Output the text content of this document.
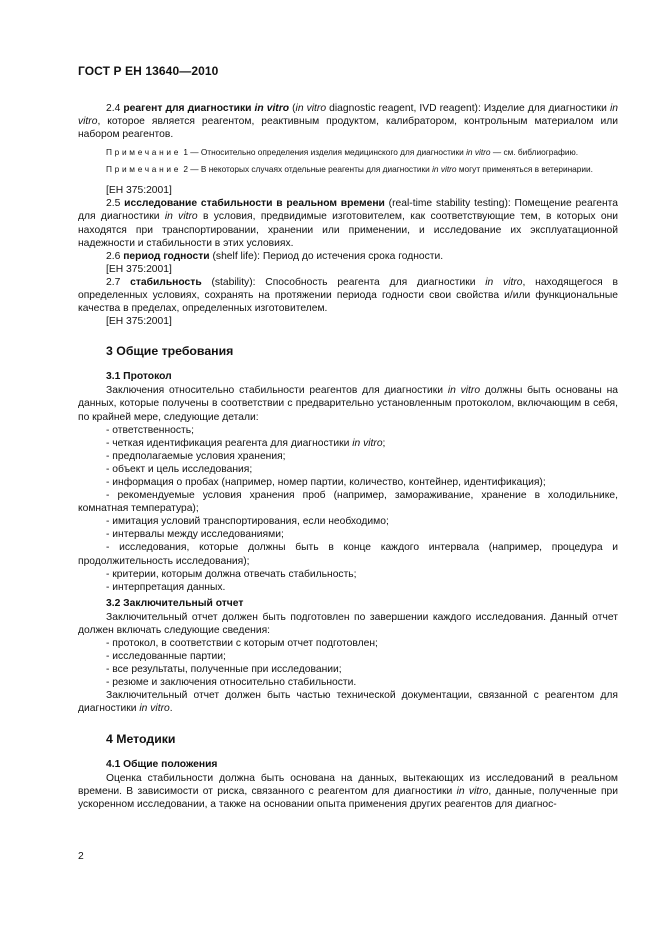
ГОСТ Р ЕН 13640—2010

2.4 реагент для диагностики in vitro (in vitro diagnostic reagent, IVD reagent): Изделие для диагностики in vitro, которое является реагентом, реактивным продуктом, калибратором, контрольным материалом или набором реагентов.

Примечание 1 — Относительно определения изделия медицинского для диагностики in vitro — см. библиографию.

Примечание 2 — В некоторых случаях отдельные реагенты для диагностики in vitro могут применяться в ветеринарии.

[ЕН 375:2001]

2.5 исследование стабильности в реальном времени (real-time stability testing): Помещение реагента для диагностики in vitro в условия, предвидимые изготовителем, как соответствующие тем, в которых они находятся при транспортировании, хранении или применении, и исследование их эксплуатационной надежности и стабильности в этих условиях.

2.6 период годности (shelf life): Период до истечения срока годности.

[ЕН 375:2001]

2.7 стабильность (stability): Способность реагента для диагностики in vitro, находящегося в определенных условиях, сохранять на протяжении периода годности свои свойства и/или функциональные качества в пределах, определенных изготовителем.

[ЕН 375:2001]

3 Общие требования
3.1 Протокол

Заключения относительно стабильности реагентов для диагностики in vitro должны быть основаны на данных, которые получены в соответствии с предварительно установленным протоколом, включающим в себя, по крайней мере, следующие детали:

- ответственность;

- четкая идентификация реагента для диагностики in vitro;

- предполагаемые условия хранения;

- объект и цель исследования;

- информация о пробах (например, номер партии, количество, контейнер, идентификация);

- рекомендуемые условия хранения проб (например, замораживание, хранение в холодильнике, комнатная температура);

- имитация условий транспортирования, если необходимо;

- интервалы между исследованиями;

- исследования, которые должны быть в конце каждого интервала (например, процедура и продолжительность исследования);

- критерии, которым должна отвечать стабильность;

- интерпретация данных.

3.2 Заключительный отчет

Заключительный отчет должен быть подготовлен по завершении каждого исследования. Данный отчет должен включать следующие сведения:

- протокол, в соответствии с которым отчет подготовлен;

- исследованные партии;

- все результаты, полученные при исследовании;

- резюме и заключения относительно стабильности.

Заключительный отчет должен быть частью технической документации, связанной с реагентом для диагностики in vitro.

4 Методики
4.1 Общие положения

Оценка стабильности должна быть основана на данных, вытекающих из исследований в реальном времени. В зависимости от риска, связанного с реагентом для диагностики in vitro, данные, полученные при ускоренном исследовании, а также на основании опыта применения других реагентов для диагнос-

2
